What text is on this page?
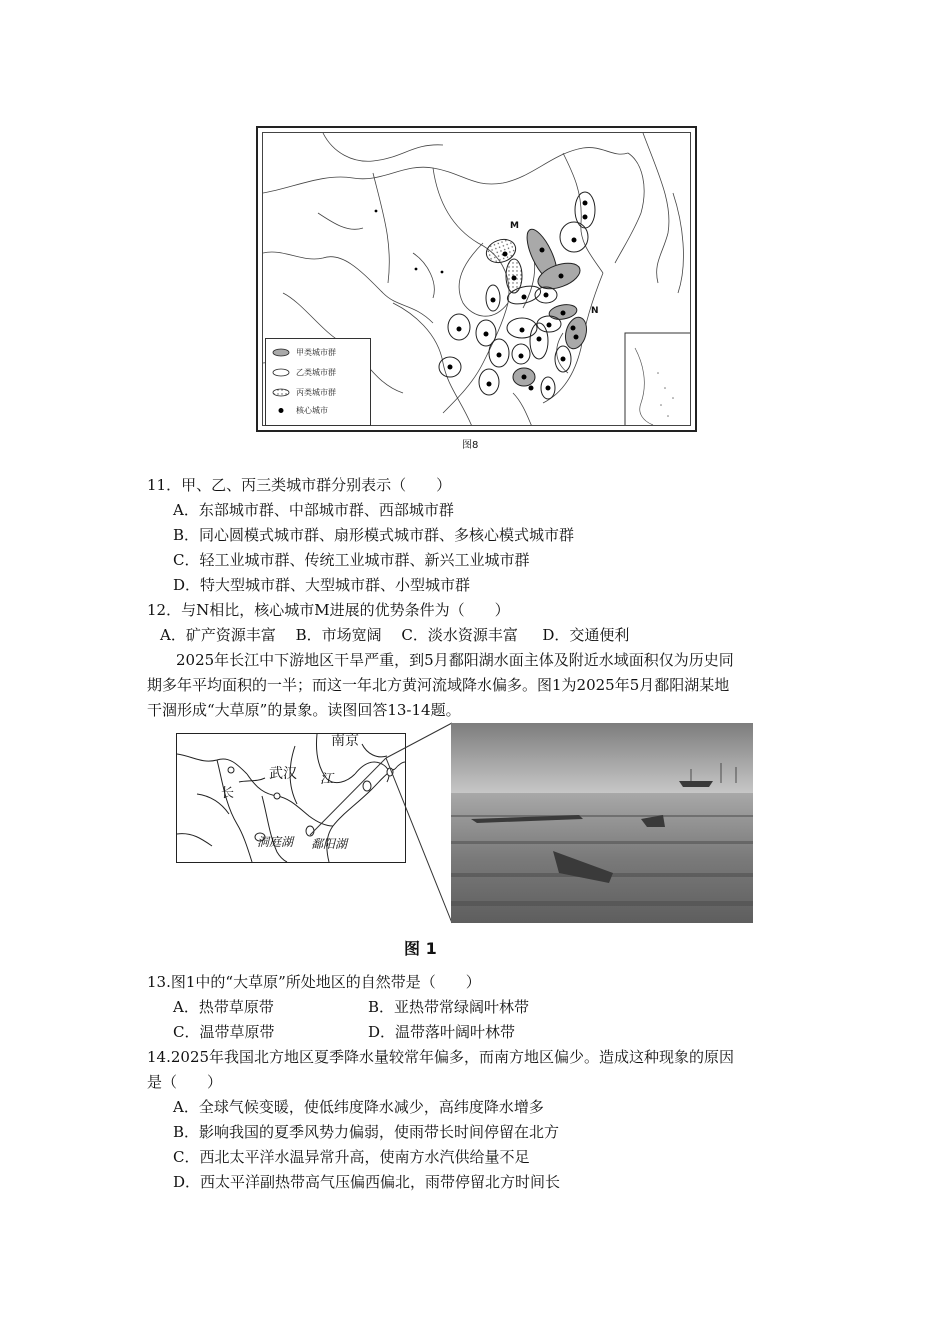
M
N
甲类城市群
乙类城市群
丙类城市群
核心城市
图8
11．甲、乙、丙三类城市群分别表示（　　）
A．东部城市群、中部城市群、西部城市群
B．同心圆模式城市群、扇形模式城市群、多核心模式城市群
C．轻工业城市群、传统工业城市群、新兴工业城市群
D．特大型城市群、大型城市群、小型城市群
12．与N相比，核心城市M进展的优势条件为（　　）
A．矿产资源丰富　 B．市场宽阔　 C．淡水资源丰富 　 D．交通便利
2025年长江中下游地区干旱严重，到5月鄱阳湖水面主体及附近水域面积仅为历史同
期多年平均面积的一半；而这一年北方黄河流域降水偏多。图1为2025年5月鄱阳湖某地
干涸形成“大草原”的景象。读图回答13-14题。
南京
武汉
长
江
洞庭湖 鄱阳湖
图 1
13.图1中的“大草原”所处地区的自然带是（　　）
A．热带草原带	B．亚热带常绿阔叶林带
C．温带草原带	D．温带落叶阔叶林带
14.2025年我国北方地区夏季降水量较常年偏多，而南方地区偏少。造成这种现象的原因
是（　　）
A．全球气候变暖，使低纬度降水减少，高纬度降水增多
B．影响我国的夏季风势力偏弱，使雨带长时间停留在北方
C．西北太平洋水温异常升高，使南方水汽供给量不足
D．西太平洋副热带高气压偏西偏北，雨带停留北方时间长
